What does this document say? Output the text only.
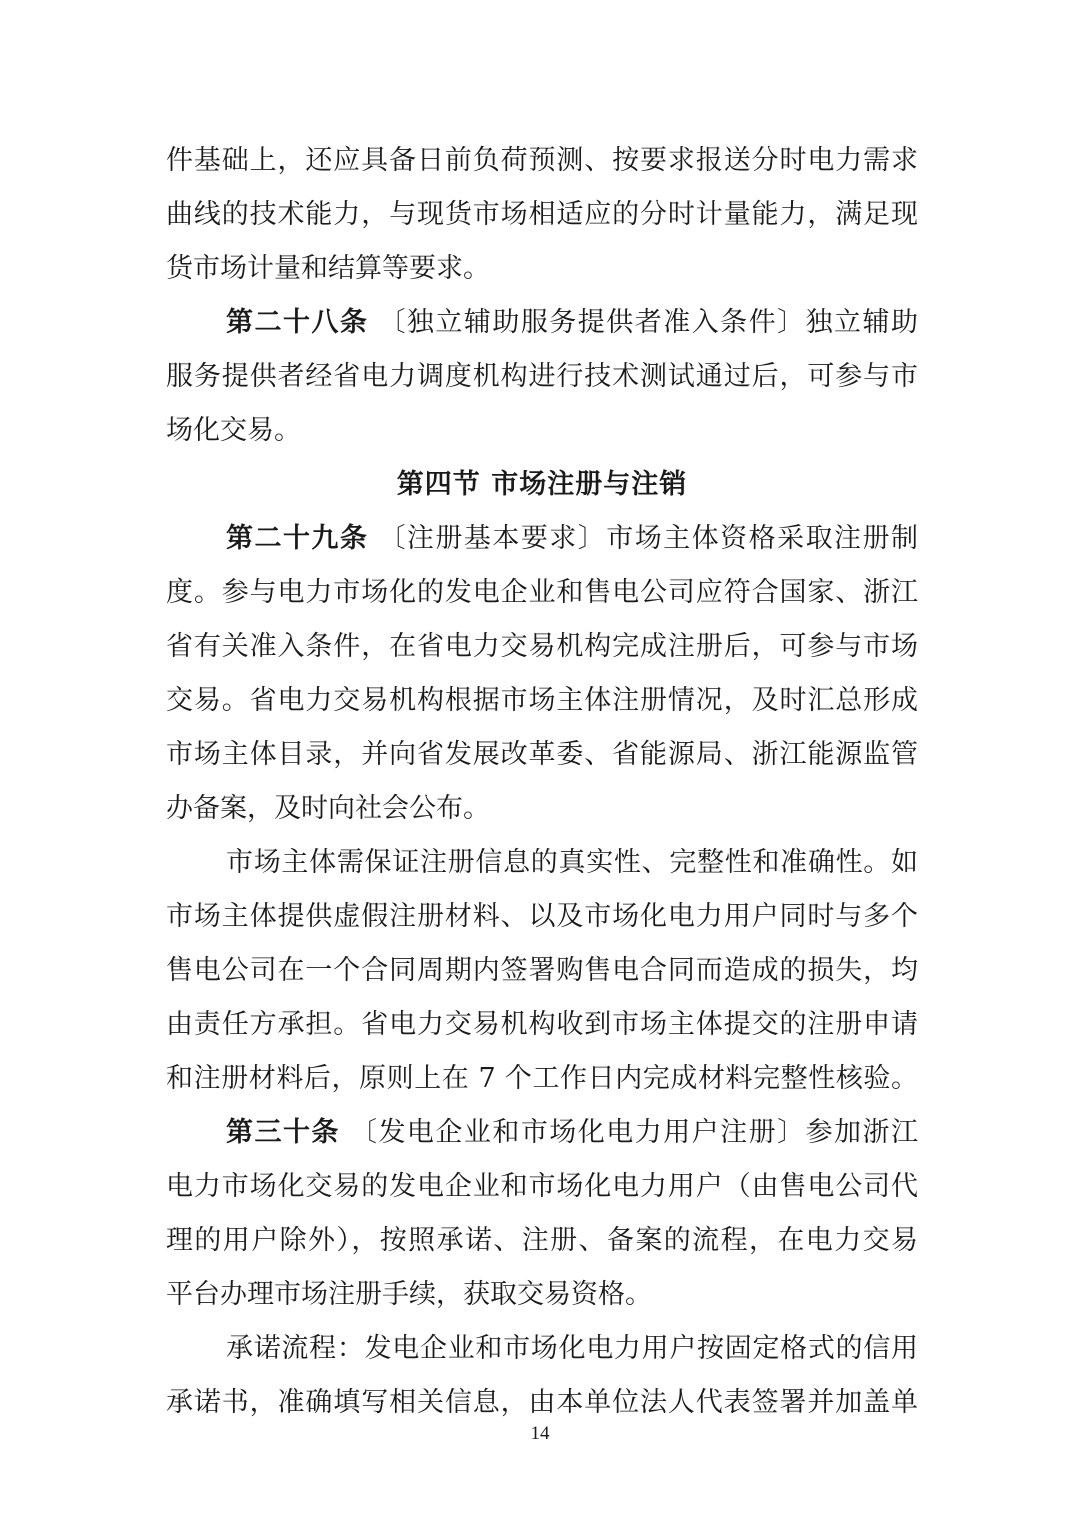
件基础上，还应具备日前负荷预测、按要求报送分时电力需求
曲线的技术能力，与现货市场相适应的分时计量能力，满足现
货市场计量和结算等要求。
第二十八条 〔独立辅助服务提供者准入条件〕独立辅助
服务提供者经省电力调度机构进行技术测试通过后，可参与市
场化交易。
第四节 市场注册与注销
第二十九条 〔注册基本要求〕市场主体资格采取注册制
度。参与电力市场化的发电企业和售电公司应符合国家、浙江
省有关准入条件，在省电力交易机构完成注册后，可参与市场
交易。省电力交易机构根据市场主体注册情况，及时汇总形成
市场主体目录，并向省发展改革委、省能源局、浙江能源监管
办备案，及时向社会公布。
市场主体需保证注册信息的真实性、完整性和准确性。如
市场主体提供虚假注册材料、以及市场化电力用户同时与多个
售电公司在一个合同周期内签署购售电合同而造成的损失，均
由责任方承担。省电力交易机构收到市场主体提交的注册申请
和注册材料后，原则上在 7 个工作日内完成材料完整性核验。
第三十条 〔发电企业和市场化电力用户注册〕参加浙江
电力市场化交易的发电企业和市场化电力用户（由售电公司代
理的用户除外），按照承诺、注册、备案的流程，在电力交易
平台办理市场注册手续，获取交易资格。
承诺流程：发电企业和市场化电力用户按固定格式的信用
承诺书，准确填写相关信息，由本单位法人代表签署并加盖单
14
